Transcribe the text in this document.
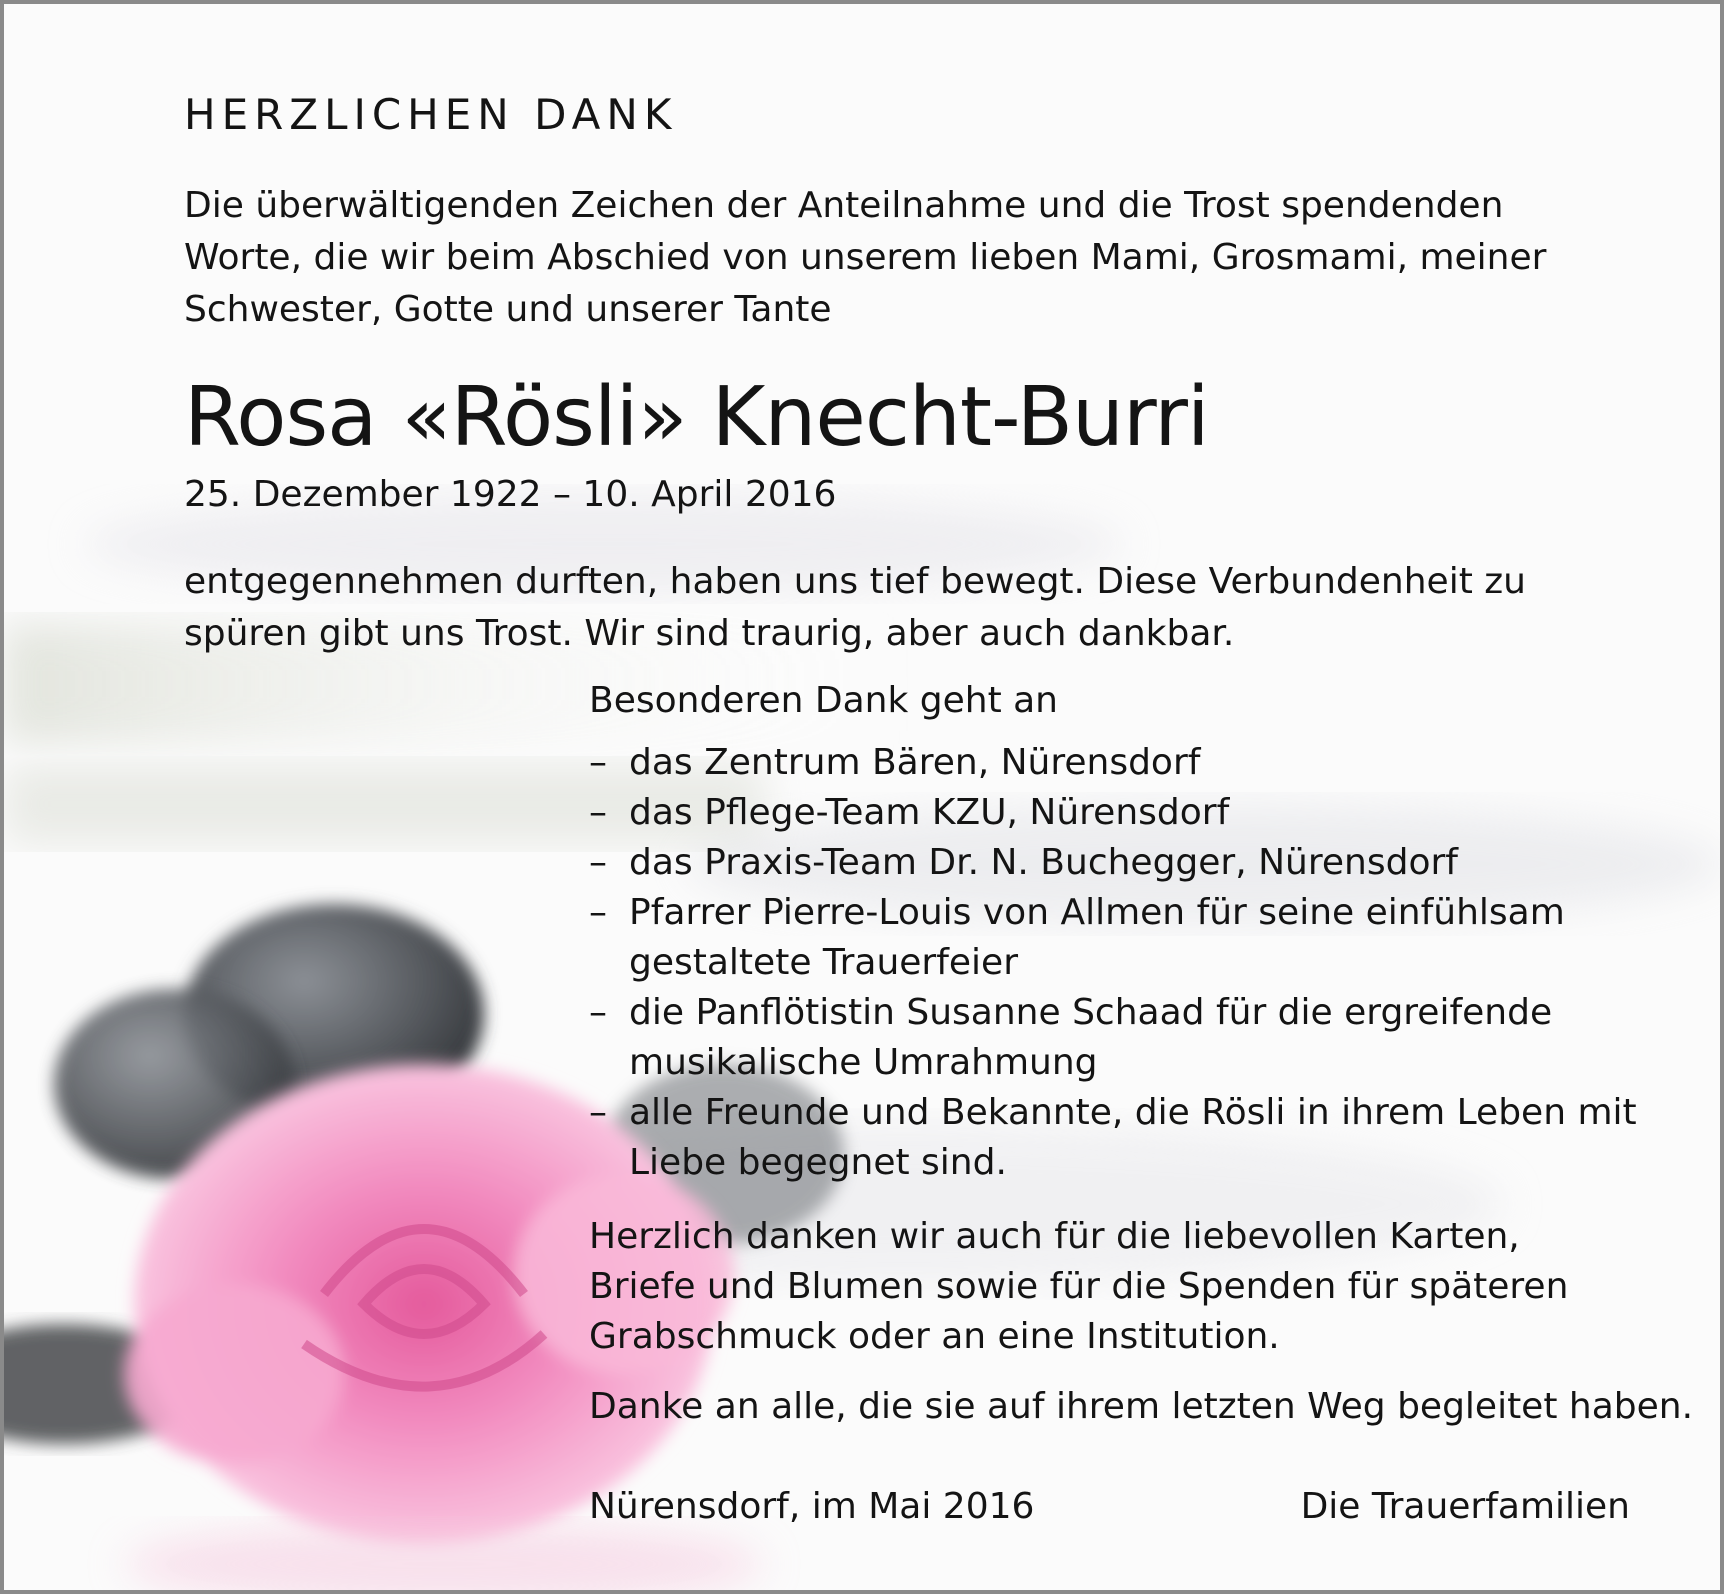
HERZLICHEN DANK

Die überwältigenden Zeichen der Anteilnahme und die Trost spendenden Worte, die wir beim Abschied von unserem lieben Mami, Grosmami, meiner Schwester, Gotte und unserer Tante

Rosa «Rösli» Knecht-Burri

25. Dezember 1922 – 10. April 2016

entgegennehmen durften, haben uns tief bewegt. Diese Verbundenheit zu spüren gibt uns Trost. Wir sind traurig, aber auch dankbar.

Besonderen Dank geht an

– das Zentrum Bären, Nürensdorf
– das Pflege-Team KZU, Nürensdorf
– das Praxis-Team Dr. N. Buchegger, Nürensdorf
– Pfarrer Pierre-Louis von Allmen für seine einfühlsam gestaltete Trauerfeier
– die Panflötistin Susanne Schaad für die ergreifende musikalische Umrahmung
– alle Freunde und Bekannte, die Rösli in ihrem Leben mit Liebe begegnet sind.

Herzlich danken wir auch für die liebevollen Karten, Briefe und Blumen sowie für die Spenden für späteren Grabschmuck oder an eine Institution.

Danke an alle, die sie auf ihrem letzten Weg begleitet haben.

Nürensdorf, im Mai 2016	Die Trauerfamilien
